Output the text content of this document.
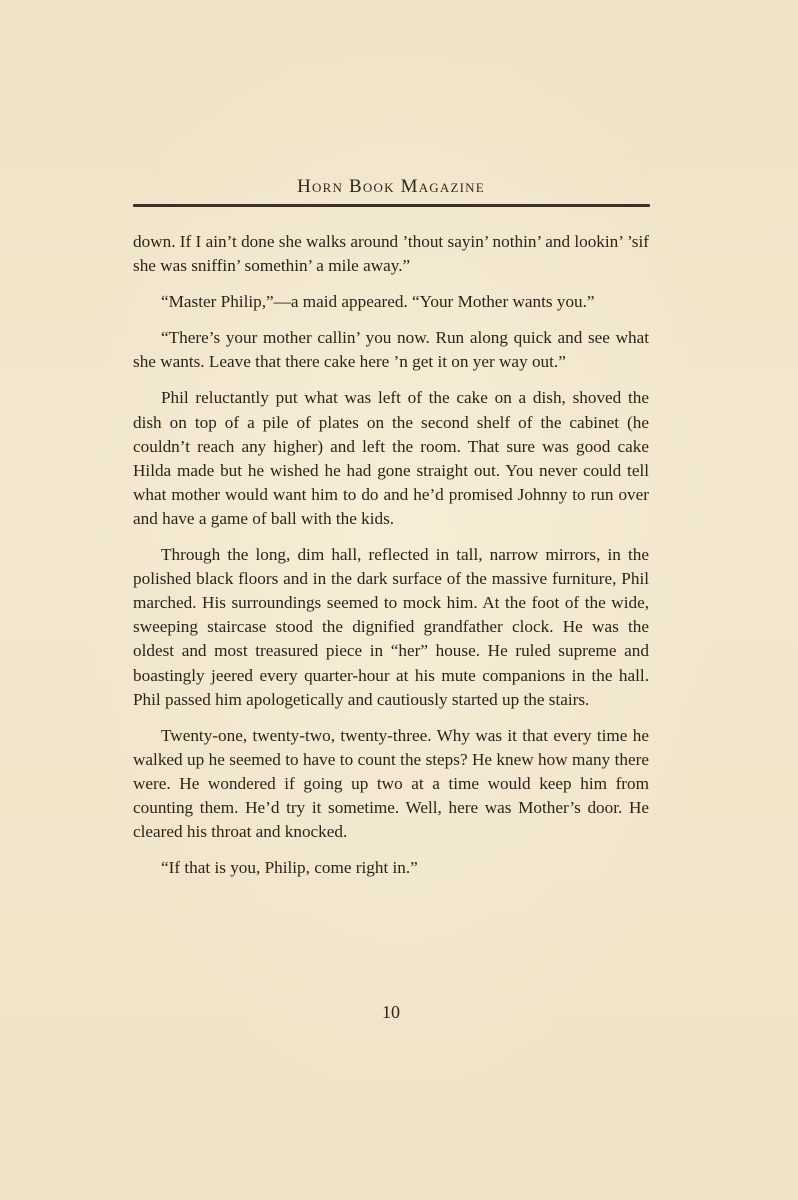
Horn Book Magazine

down. If I ain’t done she walks around ’thout sayin’ nothin’ and lookin’ ’sif she was sniffin’ somethin’ a mile away.”

“Master Philip,”—a maid appeared. “Your Mother wants you.”

“There’s your mother callin’ you now. Run along quick and see what she wants. Leave that there cake here ’n get it on yer way out.”

Phil reluctantly put what was left of the cake on a dish, shoved the dish on top of a pile of plates on the second shelf of the cabinet (he couldn’t reach any higher) and left the room. That sure was good cake Hilda made but he wished he had gone straight out. You never could tell what mother would want him to do and he’d promised Johnny to run over and have a game of ball with the kids.

Through the long, dim hall, reflected in tall, narrow mirrors, in the polished black floors and in the dark surface of the massive furniture, Phil marched. His surroundings seemed to mock him. At the foot of the wide, sweeping staircase stood the dignified grandfather clock. He was the oldest and most treasured piece in “her” house. He ruled supreme and boastingly jeered every quarter-hour at his mute companions in the hall. Phil passed him apologetically and cautiously started up the stairs.

Twenty-one, twenty-two, twenty-three. Why was it that every time he walked up he seemed to have to count the steps? He knew how many there were. He wondered if going up two at a time would keep him from counting them. He’d try it sometime. Well, here was Mother’s door. He cleared his throat and knocked.

“If that is you, Philip, come right in.”

10
